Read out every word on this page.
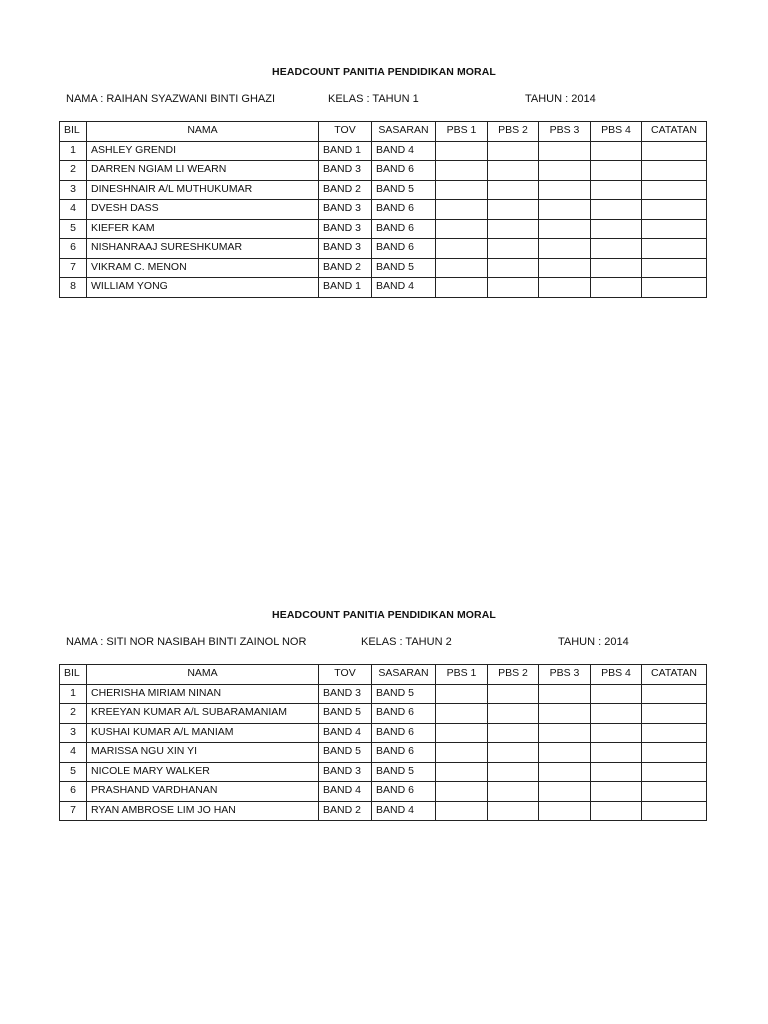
HEADCOUNT PANITIA PENDIDIKAN MORAL
NAMA : RAIHAN SYAZWANI BINTI GHAZI	KELAS : TAHUN 1	TAHUN : 2014
BIL	NAMA	TOV	SASARAN	PBS 1	PBS 2	PBS 3	PBS 4	CATATAN
1	ASHLEY GRENDI	BAND 1	BAND 4					
2	DARREN NGIAM LI WEARN	BAND 3	BAND 6					
3	DINESHNAIR A/L MUTHUKUMAR	BAND 2	BAND 5					
4	DVESH DASS	BAND 3	BAND 6					
5	KIEFER KAM	BAND 3	BAND 6					
6	NISHANRAAJ SURESHKUMAR	BAND 3	BAND 6					
7	VIKRAM C. MENON	BAND 2	BAND 5					
8	WILLIAM YONG	BAND 1	BAND 4					
HEADCOUNT PANITIA PENDIDIKAN MORAL
NAMA : SITI NOR NASIBAH BINTI ZAINOL NOR	KELAS : TAHUN 2	TAHUN : 2014
BIL	NAMA	TOV	SASARAN	PBS 1	PBS 2	PBS 3	PBS 4	CATATAN
1	CHERISHA MIRIAM NINAN	BAND 3	BAND 5					
2	KREEYAN KUMAR A/L SUBARAMANIAM	BAND 5	BAND 6					
3	KUSHAI KUMAR A/L MANIAM	BAND 4	BAND 6					
4	MARISSA NGU XIN YI	BAND 5	BAND 6					
5	NICOLE MARY WALKER	BAND 3	BAND 5					
6	PRASHAND VARDHANAN	BAND 4	BAND 6					
7	RYAN AMBROSE LIM JO HAN	BAND 2	BAND 4					
